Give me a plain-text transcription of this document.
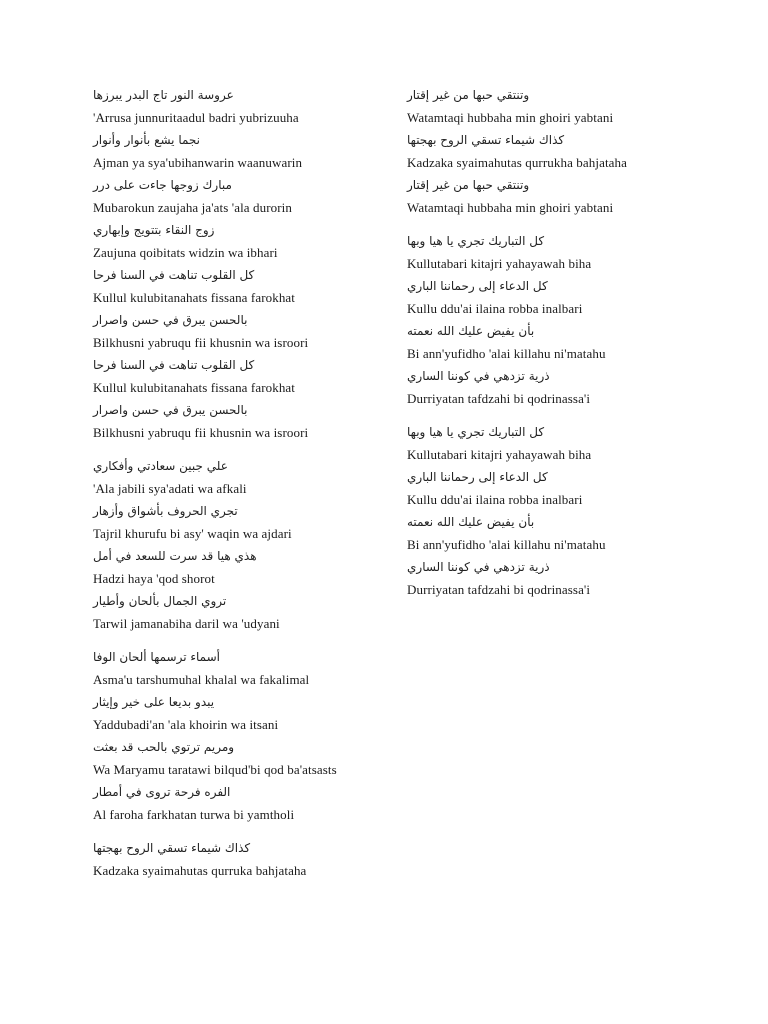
عروسة النور تاج البدر يبرزها
'Arrusa junnuritaadul badri yubrizuuha
نجما يشع بأنوار وأنوار
Ajman ya sya'ubihanwarin waanuwarin
مبارك زوجها جاءت على درر
Mubarokun zaujaha ja'ats 'ala durorin
زوج النقاء بتتويج وإبهاري
Zaujuna qoibitats widzin wa ibhari
كل القلوب تناهت في السنا فرحا
Kullul kulubitanahats fissana farokhat
بالحسن يبرق في حسن واصرار
Bilkhusni yabruqu fii khusnin wa isroori
كل القلوب تناهت في السنا فرحا
Kullul kulubitanahats fissana farokhat
بالحسن يبرق في حسن واصرار
Bilkhusni yabruqu fii khusnin wa isroori
علي جبين سعادتي وأفكاري
'Ala jabili sya'adati wa afkali
تجري الحروف بأشواق وأزهار
Tajril khurufu bi asy' waqin wa ajdari
هذي هيا قد سرت للسعد في أمل
Hadzi haya 'qod shorot
تروي الجمال بألحان وأطيار
Tarwil jamanabiha daril wa 'udyani
أسماء ترسمها ألحان الوفا
Asma'u tarshumuhal khalal wa fakalimal
يبدو بديعا على خير وإيثار
Yaddubadi'an 'ala khoirin wa itsani
ومريم ترتوي بالحب قد بعثت
Wa Maryamu taratawi bilqud'bi qod ba'atsasts
الفره فرحة تروى في أمطار
Al faroha farkhatan turwa bi yamtholi
كذاك شيماء تسقي الروح بهجتها
Kadzaka syaimahutas qurruka bahjataha
وتنتقي حبها من غير إقتار
Watamtaqi hubbaha min ghoiri yabtani
كذاك شيماء تسقي الروح بهجتها
Kadzaka syaimahutas qurrukha bahjataha
وتنتقي حبها من غير إقتار
Watamtaqi hubbaha min ghoiri yabtani
كل التباريك تجري يا هيا وبها
Kullutabari kitajri yahayawah biha
كل الدعاء إلى رحماننا الباري
Kullu ddu'ai ilaina robba inalbari
بأن يفيض عليك الله نعمته
Bi ann'yufidho 'alai killahu ni'matahu
ذرية تزدهي في كوننا الساري
Durriyatan tafdzahi bi qodrinassa'i
كل التباريك تجري يا هيا وبها
Kullutabari kitajri yahayawah biha
كل الدعاء إلى رحماننا الباري
Kullu ddu'ai ilaina robba inalbari
بأن يفيض عليك الله نعمته
Bi ann'yufidho 'alai killahu ni'matahu
ذرية تزدهي في كوننا الساري
Durriyatan tafdzahi bi qodrinassa'i
